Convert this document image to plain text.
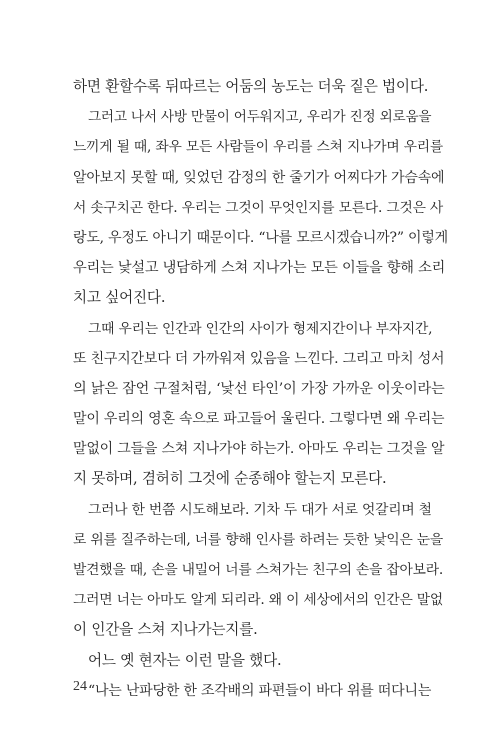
하면 환할수록 뒤따르는 어둠의 농도는 더욱 짙은 법이다.
그러고 나서 사방 만물이 어두워지고, 우리가 진정 외로움을
느끼게 될 때, 좌우 모든 사람들이 우리를 스쳐 지나가며 우리를
알아보지 못할 때, 잊었던 감정의 한 줄기가 어찌다가 가슴속에
서 솟구치곤 한다. 우리는 그것이 무엇인지를 모른다. 그것은 사
랑도, 우정도 아니기 때문이다. “나를 모르시겠습니까?” 이렇게
우리는 낯설고 냉담하게 스쳐 지나가는 모든 이들을 향해 소리
치고 싶어진다.
그때 우리는 인간과 인간의 사이가 형제지간이나 부자지간,
또 친구지간보다 더 가까워져 있음을 느낀다. 그리고 마치 성서
의 낡은 잠언 구절처럼, ‘낯선 타인’이 가장 가까운 이웃이라는
말이 우리의 영혼 속으로 파고들어 울린다. 그렇다면 왜 우리는
말없이 그들을 스쳐 지나가야 하는가. 아마도 우리는 그것을 알
지 못하며, 겸허히 그것에 순종해야 할는지 모른다.
그러나 한 번쯤 시도해보라. 기차 두 대가 서로 엇갈리며 철
로 위를 질주하는데, 너를 향해 인사를 하려는 듯한 낯익은 눈을
발견했을 때, 손을 내밀어 너를 스쳐가는 친구의 손을 잡아보라.
그러면 너는 아마도 알게 되리라. 왜 이 세상에서의 인간은 말없
이 인간을 스쳐 지나가는지를.
어느 옛 현자는 이런 말을 했다.
“나는 난파당한 한 조각배의 파편들이 바다 위를 떠다니는
24
